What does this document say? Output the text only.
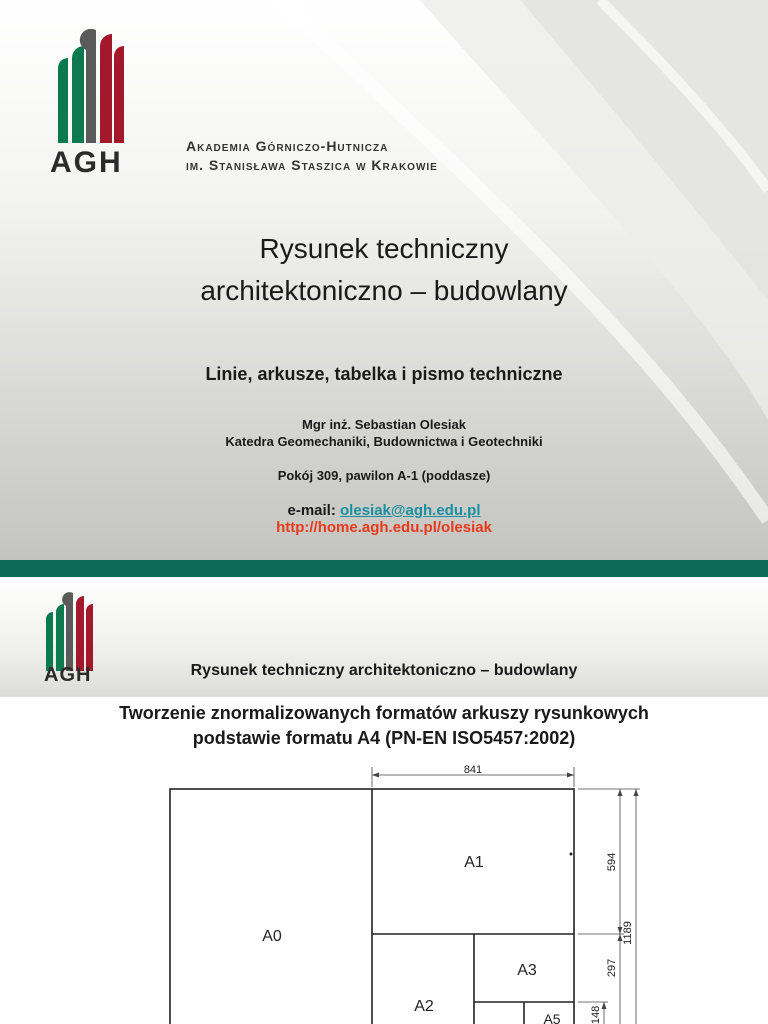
AGH	Akademia Górniczo-Hutnicza
im. Stanisława Staszica w Krakowie
Rysunek techniczny
architektoniczno – budowlany
Linie, arkusze, tabelka i pismo techniczne
Mgr inż. Sebastian Olesiak
Katedra Geomechaniki, Budownictwa i Geotechniki
Pokój 309, pawilon A-1 (poddasze)
e-mail: olesiak@agh.edu.pl
http://home.agh.edu.pl/olesiak
AGH	Rysunek techniczny architektoniczno – budowlany
Tworzenie znormalizowanych formatów arkuszy rysunkowych
podstawie formatu A4 (PN-EN ISO5457:2002)
A0
A1
A2
A3
A5
841
594
1189
297
148
